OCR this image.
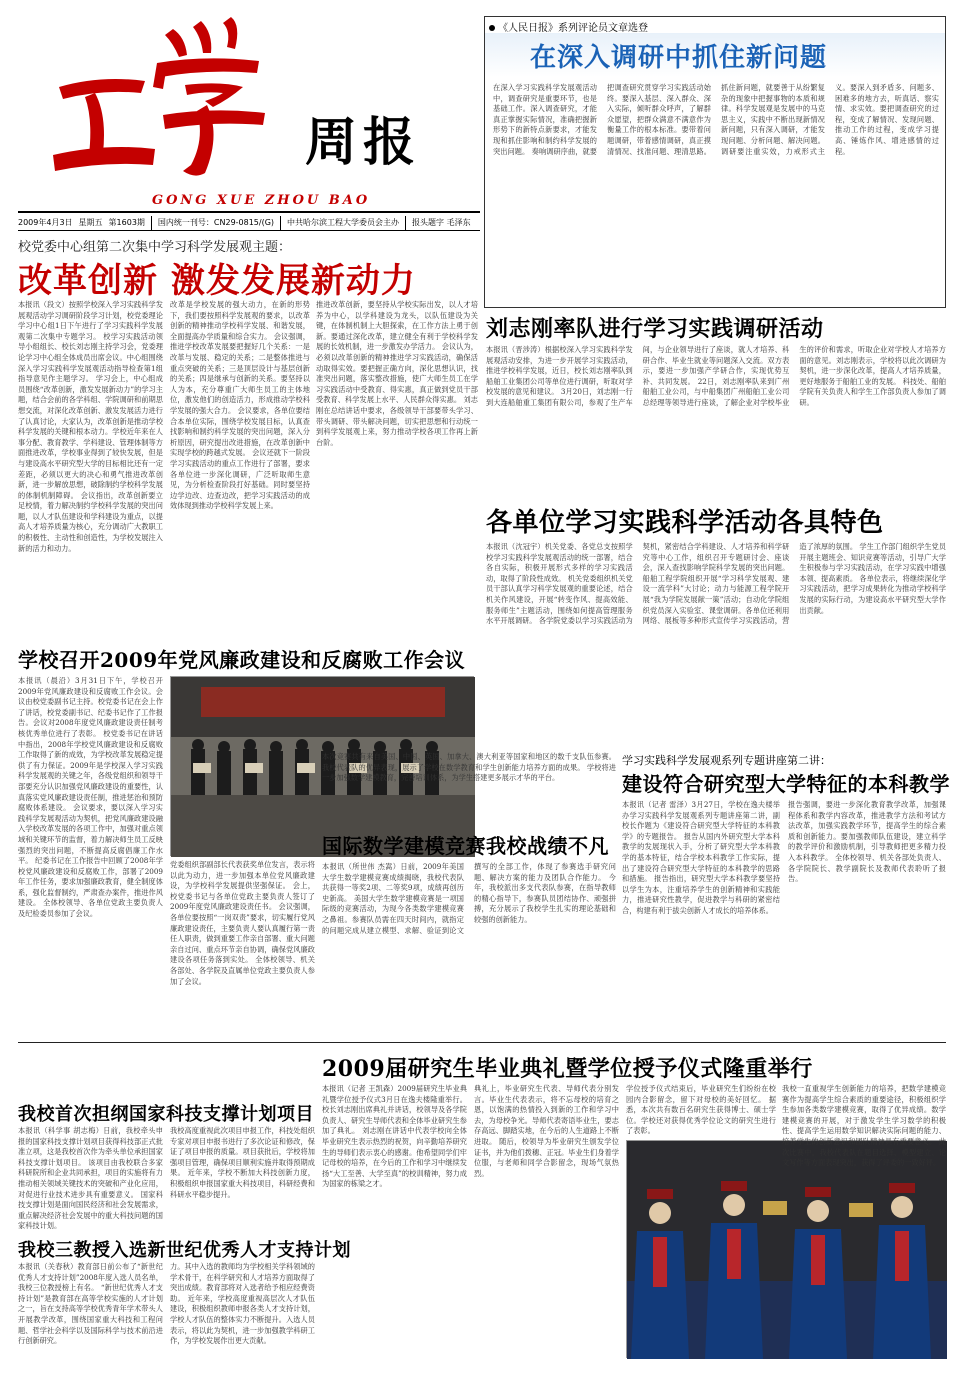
周报
GONG XUE ZHOU BAO
2009年4月3日 星期五 第1603期 国内统一刊号：CN29-0815/(G) 中共哈尔滨工程大学委员会主办 报头题字 毛泽东
校党委中心组第二次集中学习科学发展观主题：
改革创新 激发发展新动力
本报讯（段文）按照学校深入学习实践科学发展观活动学习调研阶段学习计划，校党委理论学习中心组1日下午进行了学习实践科学发展观第二次集中专题学习。 校学习实践活动领导小组组长、校长刘志刚主持学习会，党委理论学习中心组全体成员出席会议。中心组围绕深入学习实践科学发展观活动指导检查第1组指导意见作主题学习。 学习会上，中心组成员围绕“改革创新，激发发展新动力”的学习主题，结合会前的各学科组、学院调研和前期思想交流，对深化改革创新、激发发展活力进行了认真讨论，大家认为，改革创新是推动学校科学发展的关键和根本动力。学校近年来在人事分配、教育教学、学科建设、管理体制等方面推进改革，学校事业得到了较快发展，但是与建设高水平研究型大学的目标相比还有一定差距，必须以更大的决心和勇气推进改革创新，进一步解放思想，破除制约学校科学发展的体制机制障碍。 会议指出，改革创新要立足校情，着力解决制约学校科学发展的突出问题，以人才队伍建设和学科建设为重点，以提高人才培养质量为核心，充分调动广大教职工的积极性、主动性和创造性，为学校发展注入新的活力和动力。
改革是学校发展的强大动力，在新的形势下，我们要按照科学发展观的要求，以改革创新的精神推动学校科学发展、和谐发展，全面提高办学质量和综合实力。 会议强调，推进学校改革发展要把握好几个关系：一是改革与发展、稳定的关系；二是整体推进与重点突破的关系；三是顶层设计与基层创新的关系；四是继承与创新的关系。要坚持以人为本，充分尊重广大师生员工的主体地位，激发他们的创造活力，形成推动学校科学发展的强大合力。 会议要求，各单位要结合本单位实际，围绕学校发展目标，认真查找影响和制约科学发展的突出问题，深入分析原因，研究提出改进措施，在改革创新中实现学校的跨越式发展。 会议还就下一阶段学习实践活动的重点工作进行了部署，要求各单位进一步深化调研，广泛听取师生意见，为分析检查阶段打好基础。同时要坚持边学边改、边查边改，把学习实践活动的成效体现到推动学校科学发展上来。
推进改革创新，要坚持从学校实际出发，以人才培养为中心，以学科建设为龙头，以队伍建设为关键，在体制机制上大胆探索，在工作方法上勇于创新。要通过深化改革，建立健全有利于学校科学发展的长效机制，进一步激发办学活力。 会议认为，必须以改革创新的精神推进学习实践活动，确保活动取得实效。要把握正确方向，深化思想认识，找准突出问题，落实整改措施，使广大师生员工在学习实践活动中受教育、得实惠，真正做到党员干部受教育、科学发展上水平、人民群众得实惠。 刘志刚在总结讲话中要求，各级领导干部要带头学习、带头调研、带头解决问题，切实把思想和行动统一到科学发展观上来，努力推动学校各项工作再上新台阶。
《人民日报》系列评论员文章选登
在深入调研中抓住新问题
在深入学习实践科学发展观活动中，调查研究是重要环节，也是基础工作。深入调查研究，才能真正掌握实际情况，准确把握新形势下的新特点新要求，才能发现和抓住影响和制约科学发展的突出问题。 奏响调研序曲，就要把调查研究贯穿学习实践活动始终。要深入基层、深入群众、深入实际，倾听群众呼声，了解群众愿望，把群众满意不满意作为衡量工作的根本标准。要带着问题调研，带着感情调研，真正摸清情况、找准问题、理清思路。 抓住新问题，就要善于从纷繁复杂的现象中把握事物的本质和规律。科学发展观是发展中的马克思主义，实践中不断出现新情况新问题，只有深入调研，才能发现问题、分析问题、解决问题。 调研要注重实效，力戒形式主义。要深入到矛盾多、问题多、困难多的地方去，听真话、察实情、求实效。要把调查研究的过程，变成了解情况、发现问题、推动工作的过程，变成学习提高、锤炼作风、增进感情的过程。
刘志刚率队进行学习实践调研活动
本报讯（晋涉涛）根据校深入学习实践科学发展观活动安排，为进一步开展学习实践活动，推进学校科学发展，近日，校长刘志刚率队到船舶工业集团公司等单位进行调研，听取对学校发展的意见和建议。 3月20日，刘志刚一行到大连船舶重工集团有限公司，参观了生产车间，与企业领导进行了座谈，就人才培养、科研合作、毕业生就业等问题深入交流。双方表示，要进一步加强产学研合作，实现优势互补、共同发展。 22日，刘志刚率队来到广州船舶工业公司，与中船集团广州船舶工业公司总经理等领导进行座谈，了解企业对学校毕业生的评价和需求，听取企业对学校人才培养方面的意见。刘志刚表示，学校将以此次调研为契机，进一步深化改革，提高人才培养质量，更好地服务于船舶工业的发展。 科技处、船舶学院有关负责人和学生工作部负责人参加了调研。
各单位学习实践科学活动各具特色
本报讯（沈冠宇）机关党委、各党总支按照学校学习实践科学发展观活动的统一部署，结合各自实际，积极开展形式多样的学习实践活动，取得了阶段性成效。 机关党委组织机关党员干部认真学习科学发展观的重要论述，结合机关作风建设，开展“转变作风、提高效能、服务师生”主题活动，围绕如何提高管理服务水平开展调研。 各学院党委以学习实践活动为契机，紧密结合学科建设、人才培养和科学研究等中心工作，组织召开专题研讨会、座谈会，深入查找影响学院科学发展的突出问题。 船舶工程学院组织开展“学习科学发展观、建设一流学科”大讨论；动力与能源工程学院开展“我为学院发展献一策”活动；自动化学院组织党员深入实验室、课堂调研。各单位还利用网络、展板等多种形式宣传学习实践活动，营造了浓厚的氛围。 学生工作部门组织学生党员开展主题班会、知识竞赛等活动，引导广大学生积极参与学习实践活动，在学习实践中增强本领、提高素质。 各单位表示，将继续深化学习实践活动，把学习成果转化为推动学校科学发展的实际行动，为建设高水平研究型大学作出贡献。
学校召开2009年党风廉政建设和反腐败工作会议
本报讯（晨沿）3月31日下午，学校召开2009年党风廉政建设和反腐败工作会议。会议由校党委副书记主持。校党委书记在会上作了讲话，校党委副书记、纪委书记作了工作报告。会议对2008年度党风廉政建设责任制考核优秀单位进行了表彰。 校党委书记在讲话中指出，2008年学校党风廉政建设和反腐败工作取得了新的成效，为学校改革发展稳定提供了有力保证。2009年是学校深入学习实践科学发展观的关键之年，各级党组织和领导干部要充分认识加强党风廉政建设的重要性，认真落实党风廉政建设责任制，推进惩治和预防腐败体系建设。 会议要求，要以深入学习实践科学发展观活动为契机，把党风廉政建设融入学校改革发展的各项工作中，加强对重点领域和关键环节的监督，着力解决师生员工反映强烈的突出问题，不断提高反腐倡廉工作水平。 纪委书记在工作报告中回顾了2008年学校党风廉政建设和反腐败工作，部署了2009年工作任务，要求加强廉政教育，健全制度体系，强化监督制约，严肃查办案件，推进作风建设。 全体校领导、各单位党政主要负责人及纪检委员参加了会议。
党委组织部副部长代表获奖单位发言，表示将以此为动力，进一步加强本单位党风廉政建设，为学校科学发展提供坚强保证。 会上，校党委书记与各单位党政主要负责人签订了2009年度党风廉政建设责任书。 会议强调，各单位要按照“一岗双责”要求，切实履行党风廉政建设责任，主要负责人要认真履行第一责任人职责，做到重要工作亲自部署、重大问题亲自过问、重点环节亲自协调，确保党风廉政建设各项任务落到实处。 全体校领导、机关各部处、各学院及直属单位党政主要负责人参加了会议。
学习实践科学发展观系列专题讲座第二讲：
建设符合研究型大学特征的本科教学
本报讯（记者 雷泽）3月27日，学校在逸夫楼举办学习实践科学发展观系列专题讲座第二讲，副校长作题为《建设符合研究型大学特征的本科教学》的专题报告。 报告从国内外研究型大学本科教学的发展现状入手，分析了研究型大学本科教学的基本特征，结合学校本科教学工作实际，提出了建设符合研究型大学特征的本科教学的思路和措施。 报告指出，研究型大学本科教学要坚持以学生为本，注重培养学生的创新精神和实践能力，推进研究性教学，促进教学与科研的紧密结合，构建有利于拔尖创新人才成长的培养体系。
报告强调，要进一步深化教育教学改革，加强课程体系和教学内容改革，推进教学方法和考试方法改革，加强实践教学环节，提高学生的综合素质和创新能力。要加强教师队伍建设，建立科学的教学评价和激励机制，引导教师把更多精力投入本科教学。 全体校领导、机关各部处负责人、各学院院长、教学副院长及教师代表聆听了报告。
本次竞赛共有来自美国、中国、英国、加拿大、澳大利亚等国家和地区的数千支队伍参赛。我校代表队的优异表现，展示了学校在数学教育和学生创新能力培养方面的成果。 学校将进一步加强数学建模教育，完善培训体系，为学生搭建更多展示才华的平台。
国际数学建模竞赛我校战绩不凡
本报讯（所世伟 杰嵩）日前，2009年美国大学生数学建模竞赛成绩揭晓，我校代表队共获得一等奖2项、二等奖9项，成绩再创历史新高。 美国大学生数学建模竞赛是一项国际级的竞赛活动，为现今各类数学建模竞赛之鼻祖。参赛队员需在四天时间内，就指定的问题完成从建立模型、求解、验证到论文撰写的全部工作，体现了参赛选手研究问题、解决方案的能力及团队合作能力。 今年，我校派出多支代表队参赛，在指导教师的精心指导下，参赛队员团结协作、顽强拼搏，充分展示了我校学生扎实的理论基础和较强的创新能力。
我校首次担纲国家科技支撑计划项目
本报讯（科学事 胡志梅）日前，我校牵头申报的国家科技支撑计划项目获得科技部正式批准立项，这是我校首次作为牵头单位承担国家科技支撑计划项目。 该项目由我校联合多家科研院所和企业共同承担，项目的实施将有力推动相关领域关键技术的突破和产业化应用，对促进行业技术进步具有重要意义。 国家科技支撑计划是面向国民经济和社会发展需求，重点解决经济社会发展中的重大科技问题的国家科技计划。
我校高度重视此次项目申报工作，科技处组织专家对项目申报书进行了多次论证和修改，保证了项目申报的质量。项目获批后，学校将加强项目管理，确保项目顺利实施并取得预期成果。 近年来，学校不断加大科技创新力度，积极组织申报国家重大科技项目，科研经费和科研水平稳步提升。
我校三教授入选新世纪优秀人才支持计划
本报讯（关春秋）教育部日前公布了“新世纪优秀人才支持计划”2008年度入选人员名单，我校三位教授榜上有名。 “新世纪优秀人才支持计划”是教育部在高等学校实施的人才计划之一，旨在支持高等学校优秀青年学术带头人开展教学改革，围绕国家重大科技和工程问题、哲学社会科学以及国际科学与技术前沿进行创新研究。
力。其中入选的教师均为学校相关学科领域的学术骨干，在科学研究和人才培养方面取得了突出成绩。教育部将对入选者给予相应经费资助。 近年来，学校高度重视高层次人才队伍建设，积极组织教师申报各类人才支持计划，学校人才队伍的整体实力不断提升。入选人员表示，将以此为契机，进一步加强教学科研工作，为学校发展作出更大贡献。
2009届研究生毕业典礼暨学位授予仪式隆重举行
本报讯（记者 王凯森）2009届研究生毕业典礼暨学位授予仪式3月日在逸夫楼隆重举行。校长刘志刚出席典礼并讲话，校领导及各学院负责人、研究生导师代表和全体毕业研究生参加了典礼。 刘志刚在讲话中代表学校向全体毕业研究生表示热烈的祝贺，向辛勤培养研究生的导师们表示衷心的感谢。他希望同学们牢记母校的培养，在今后的工作和学习中继续发扬“大工至善、大学至真”的校训精神，努力成为国家的栋梁之才。
典礼上，毕业研究生代表、导师代表分别发言。毕业生代表表示，将不忘母校的培育之恩，以饱满的热情投入到新的工作和学习中去，为母校争光。导师代表寄语毕业生，要志存高远、脚踏实地，在今后的人生道路上不断进取。 随后，校领导为毕业研究生颁发学位证书，并为他们拨穗、正冠。毕业生们身着学位服，与老师和同学合影留念，现场气氛热烈。
学位授予仪式结束后，毕业研究生们纷纷在校园内合影留念，留下对母校的美好回忆。 据悉，本次共有数百名研究生获得博士、硕士学位。学校还对获得优秀学位论文的研究生进行了表彰。
我校一直重视学生创新能力的培养，把数学建模竞赛作为提高学生综合素质的重要途径，积极组织学生参加各类数学建模竞赛，取得了优异成绩。数学建模竞赛的开展，对于激发学生学习数学的积极性、提高学生运用数学知识解决实际问题的能力、培养学生的创新意识和团队精神具有重要意义。 此次比赛中，我校代表队在题目选择、模型建立、论文写作等方面表现突出，获得了评委的一致好评。
